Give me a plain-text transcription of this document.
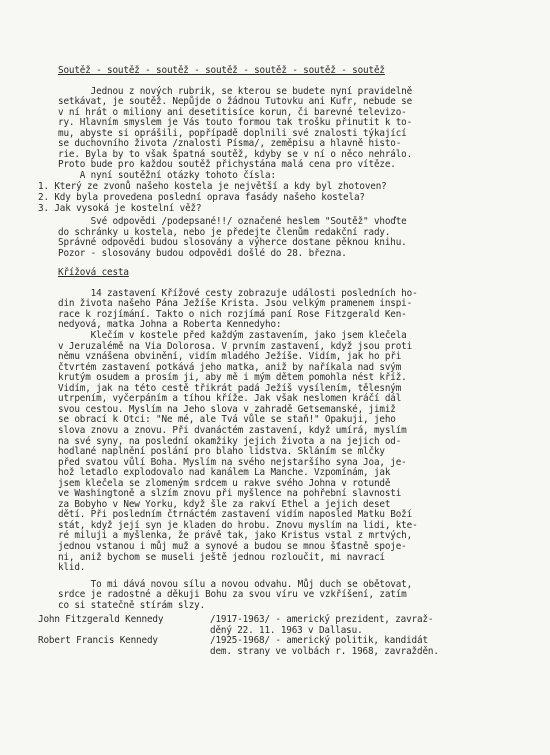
Soutěž - soutěž - soutěž - soutěž - soutěž - soutěž - soutěž

Jednou z nových rubrik, se kterou se budete nyní pravidelně

setkávat, je soutěž. Nepůjde o žádnou Tutovku ani Kufr, nebude se

v ní hrát o miliony ani desetitisíce korun, či barevné televizo-

ry. Hlavním smyslem je Vás touto formou tak trošku přinutit k to-

mu, abyste si oprášili, popřípadě doplnili své znalosti týkající

se duchovního života /znalosti Písma/, zeměpisu a hlavně histo-

rie. Byla by to však špatná soutěž, kdyby se v ní o něco nehrálo.

Proto bude pro každou soutěž přichystána malá cena pro vítěze.

A nyní soutěžní otázky tohoto čísla:

1. Který ze zvonů našeho kostela je největší a kdy byl zhotoven?

2. Kdy byla provedena poslední oprava fasády našeho kostela?

3. Jak vysoká je kostelní věž?

Své odpovědi /podepsané!!/ označené heslem "Soutěž" vhoďte

do schránky u kostela, nebo je předejte členům redakční rady.

Správné odpovědi budou slosovány a výherce dostane pěknou knihu.

Pozor - slosovány budou odpovědi došlé do 28. března.

Křížová cesta

14 zastavení Křížové cesty zobrazuje události posledních ho-

din života našeho Pána Ježíše Krista. Jsou velkým pramenem inspi-

race k rozjímání. Takto o nich rozjímá paní Rose Fitzgerald Ken-

nedyová, matka Johna a Roberta Kennedyho:

Klečím v kostele před každým zastavením, jako jsem klečela

v Jeruzalémě na Via Dolorosa. V prvním zastavení, když jsou proti

němu vznášena obvinění, vidím mladého Ježíše. Vidím, jak ho při

čtvrtém zastavení potkává jeho matka, aniž by naříkala nad svým

krutým osudem a prosím ji, aby mě i mým dětem pomohla nést kříž.

Vidím, jak na této cestě třikrát padá Ježíš vysílením, tělesným

utrpením, vyčerpáním a tíhou kříže. Jak však neslomen kráčí dál

svou cestou. Myslím na Jeho slova v zahradě Getsemanské, jimiž

se obrací k Otci: "Ne mé, ale Tvá vůle se staň!" Opakuji, jeho

slova znovu a znovu. Při dvanáctém zastavení, když umírá, myslím

na své syny, na poslední okamžiky jejich života a na jejich od-

hodlané naplnění poslání pro blaho lidstva. Skláním se mlčky

před svatou vůlí Boha. Myslím na svého nejstaršího syna Joa, je-

hož letadlo explodovalo nad kanálem La Manche. Vzpomínám, jak

jsem klečela se zlomeným srdcem u rakve svého Johna v rotundě

ve Washingtoně a slzím znovu při myšlence na pohřební slavnosti

za Bobyho v New Yorku, když šle za rakví Ethel a jejich deset

dětí. Při posledním čtrnáctém zastavení vidím naposled Matku Boží

stát, když její syn je kladen do hrobu. Znovu myslím na lidi, kte-

ré miluji a myšlenka, že právě tak, jako Kristus vstal z mrtvých,

jednou vstanou i můj muž a synové a budou se mnou šťastně spoje-

ni, aniž bychom se museli ještě jednou rozloučit, mi navrací

klid.

To mi dává novou sílu a novou odvahu. Můj duch se obětovat,

srdce je radostné a děkuji Bohu za svou víru ve vzkříšení, zatím

co si statečně stírám slzy.

John Fitzgerald Kennedy	/1917-1963/ - americký prezident, zavraž-
děný 22. 11. 1963 v Dallasu.
Robert Francis Kennedy	/1925-1968/ - americký politik, kandidát
dem. strany ve volbách r. 1968, zavražděn.
